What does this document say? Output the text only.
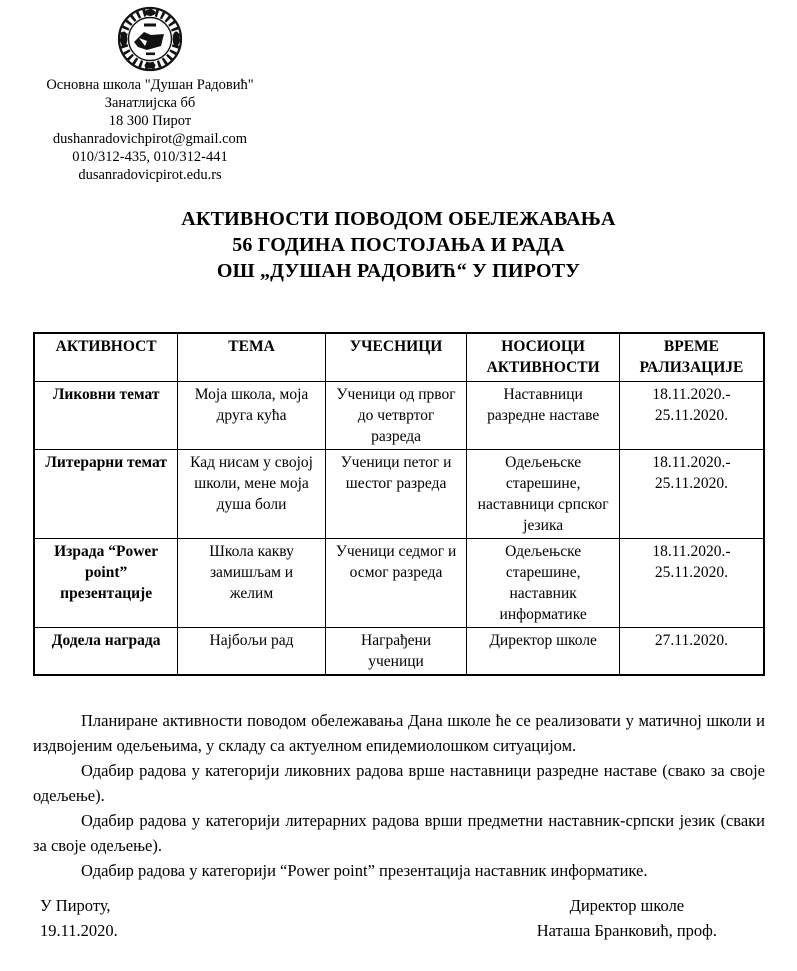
Основна школа "Душан Радовић"
Занатлијска бб
18 300 Пирот
dushanradovichpirot@gmail.com
010/312-435, 010/312-441
dusanradovicpirot.edu.rs
АКТИВНОСТИ ПОВОДОМ ОБЕЛЕЖАВАЊА
56 ГОДИНА ПОСТОЈАЊА И РАДА
ОШ „ДУШАН РАДОВИЋ“ У ПИРОТУ
АКТИВНОСТ	ТЕМА	УЧЕСНИЦИ	НОСИОЦИ АКТИВНОСТИ	ВРЕМЕ РАЛИЗАЦИЈЕ
Ликовни темат	Моја школа, моја друга кућа	Ученици од првог до четвртог разреда	Наставници разредне наставе	18.11.2020.- 25.11.2020.
Литерарни темат	Кад нисам у својој школи, мене моја душа боли	Ученици петог и шестог разреда	Одељењске старешине, наставници српског језика	18.11.2020.- 25.11.2020.
Израда “Power point” презентације	Школа какву замишљам и желим	Ученици седмог и осмог разреда	Одељењске старешине, наставник информатике	18.11.2020.- 25.11.2020.
Додела награда	Најбољи рад	Награђени ученици	Директор школе	27.11.2020.

Планиране активности поводом обележавања Дана школе ће се реализовати у матичној школи и издвојеним одељењима, у складу са актуелном епидемиолошком ситуацијом.

Одабир радова у категорији ликовних радова врше наставници разредне наставе (свако за своје одељење).

Одабир радова у категорији литерарних радова врши предметни наставник-српски језик (сваки за своје одељење).

Одабир радова у категорији “Power point” презентација наставник информатике.

У Пироту,
19.11.2020.
Директор школе
Наташа Бранковић, проф.
